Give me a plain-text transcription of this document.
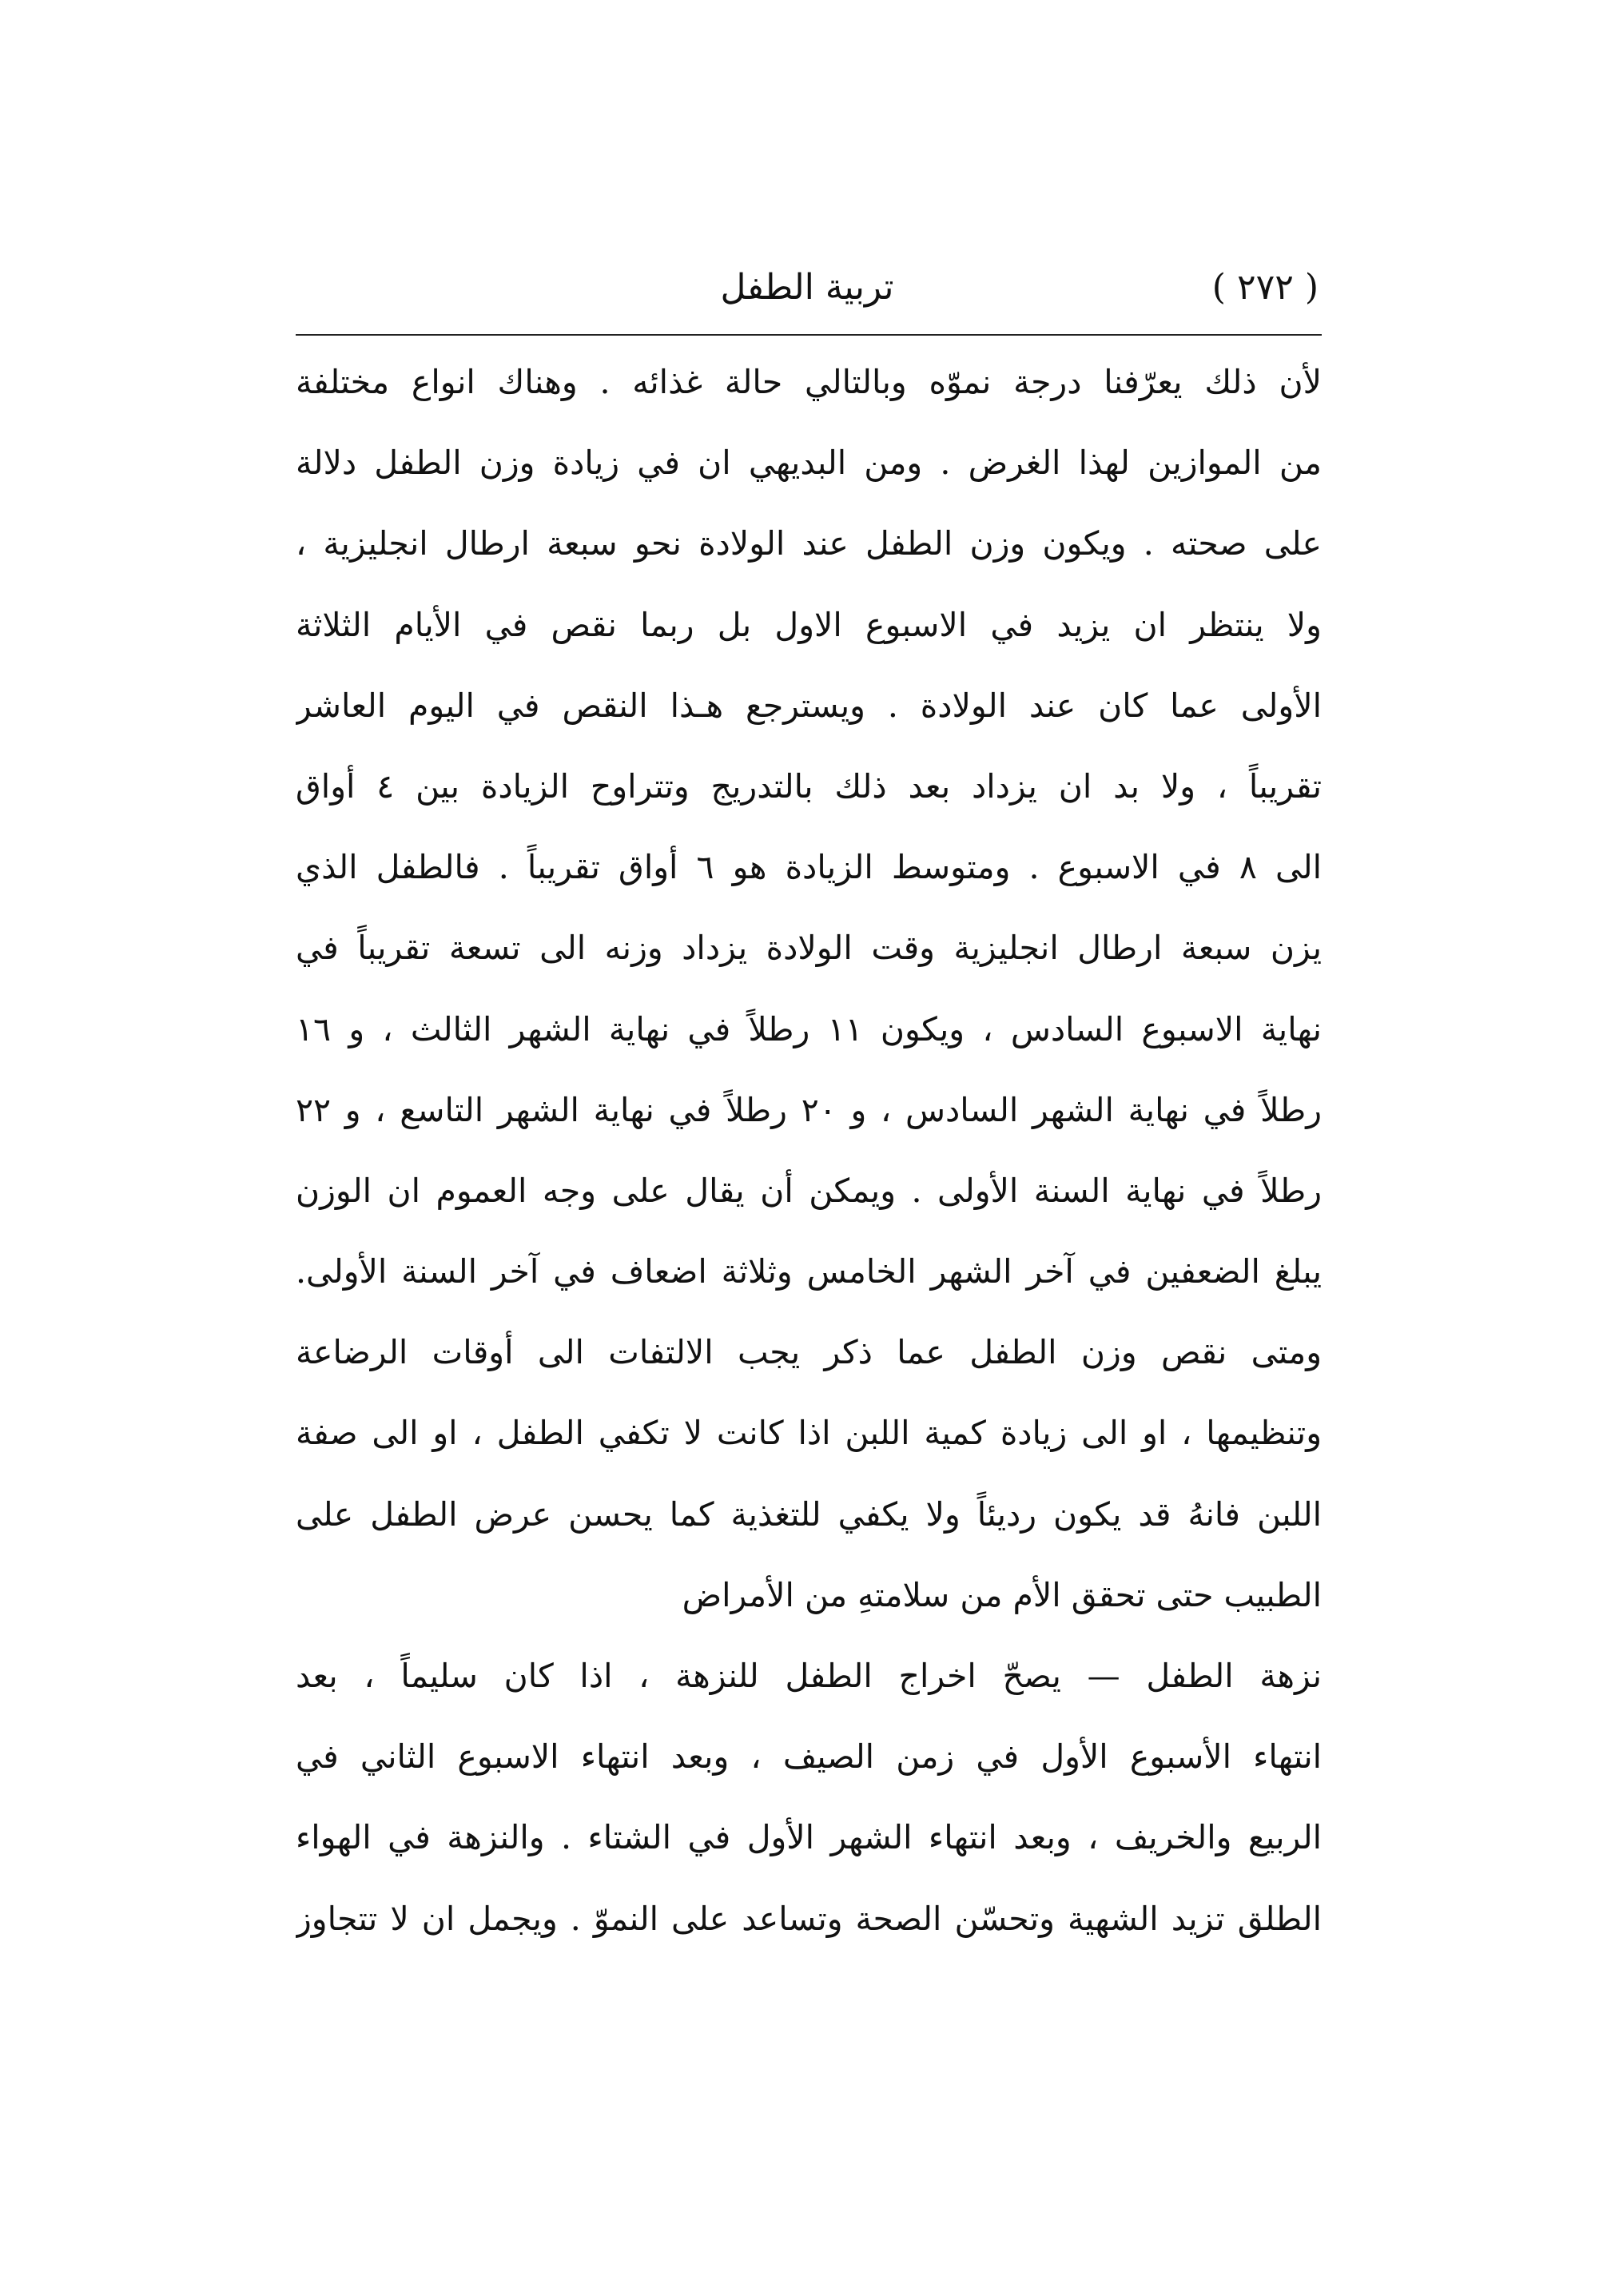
( ٢٧٢ )
تربية الطفل
لأن ذلك يعرّفنا درجة نموّه وبالتالي حالة غذائه . وهناك انواع مختلفة
من الموازين لهذا الغرض . ومن البديهي ان في زيادة وزن الطفل دلالة
على صحته . ويكون وزن الطفل عند الولادة نحو سبعة ارطال انجليزية ،
ولا ينتظر ان يزيد في الاسبوع الاول بل ربما نقص في الأيام الثلاثة
الأولى عما كان عند الولادة . ويسترجع هـذا النقص في اليوم العاشر
تقريباً ، ولا بد ان يزداد بعد ذلك بالتدريج وتتراوح الزيادة بين ٤ أواق
الى ٨ في الاسبوع . ومتوسط الزيادة هو ٦ أواق تقريباً . فالطفل الذي
يزن سبعة ارطال انجليزية وقت الولادة يزداد وزنه الى تسعة تقريباً في
نهاية الاسبوع السادس ، ويكون ١١ رطلاً في نهاية الشهر الثالث ، و ١٦
رطلاً في نهاية الشهر السادس ، و ٢٠ رطلاً في نهاية الشهر التاسع ، و ٢٢
رطلاً في نهاية السنة الأولى . ويمكن أن يقال على وجه العموم ان الوزن
يبلغ الضعفين في آخر الشهر الخامس وثلاثة اضعاف في آخر السنة الأولى.
ومتى نقص وزن الطفل عما ذكر يجب الالتفات الى أوقات الرضاعة
وتنظيمها ، او الى زيادة كمية اللبن اذا كانت لا تكفي الطفل ، او الى صفة
اللبن فانهُ قد يكون رديئاً ولا يكفي للتغذية كما يحسن عرض الطفل على
الطبيب حتى تحقق الأم من سلامتهِ من الأمراض
نزهة الطفل — يصحّ اخراج الطفل للنزهة ، اذا كان سليماً ، بعد
انتهاء الأسبوع الأول في زمن الصيف ، وبعد انتهاء الاسبوع الثاني في
الربيع والخريف ، وبعد انتهاء الشهر الأول في الشتاء . والنزهة في الهواء
الطلق تزيد الشهية وتحسّن الصحة وتساعد على النموّ . ويجمل ان لا تتجاوز
